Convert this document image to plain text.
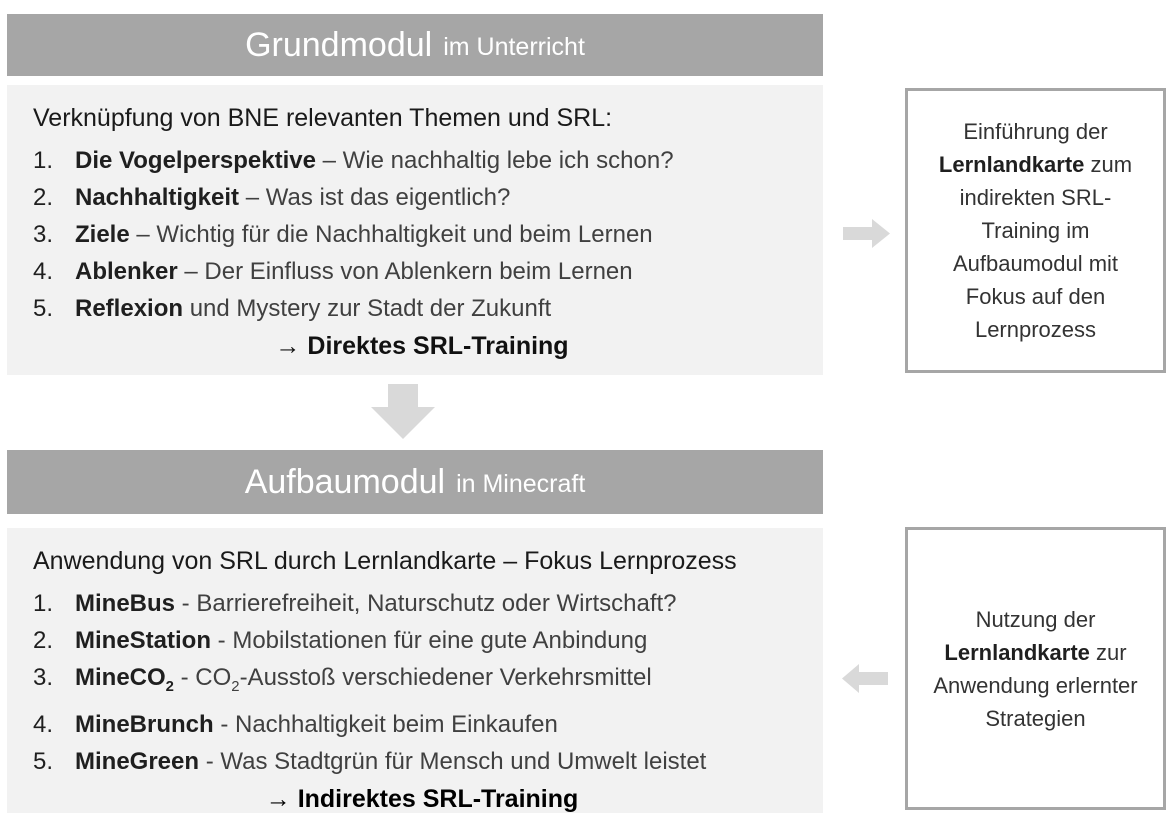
Grundmodul im Unterricht
Verknüpfung von BNE relevanten Themen und SRL:
1. Die Vogelperspektive – Wie nachhaltig lebe ich schon?
2. Nachhaltigkeit – Was ist das eigentlich?
3. Ziele – Wichtig für die Nachhaltigkeit und beim Lernen
4. Ablenker – Der Einfluss von Ablenkern beim Lernen
5. Reflexion und Mystery zur Stadt der Zukunft
→ Direktes SRL-Training
Einführung der Lernlandkarte zum indirekten SRL-Training im Aufbaumodul mit Fokus auf den Lernprozess
Aufbaumodul in Minecraft
Anwendung von SRL durch Lernlandkarte – Fokus Lernprozess
1. MineBus - Barrierefreiheit, Naturschutz oder Wirtschaft?
2. MineStation - Mobilstationen für eine gute Anbindung
3. MineCO$_2$ - $CO_2$-Ausstoß verschiedener Verkehrsmittel
4. MineBrunch - Nachhaltigkeit beim Einkaufen
5. MineGreen - Was Stadtgrün für Mensch und Umwelt leistet
→ Indirektes SRL-Training
Nutzung der Lernlandkarte zur Anwendung erlernter Strategien
